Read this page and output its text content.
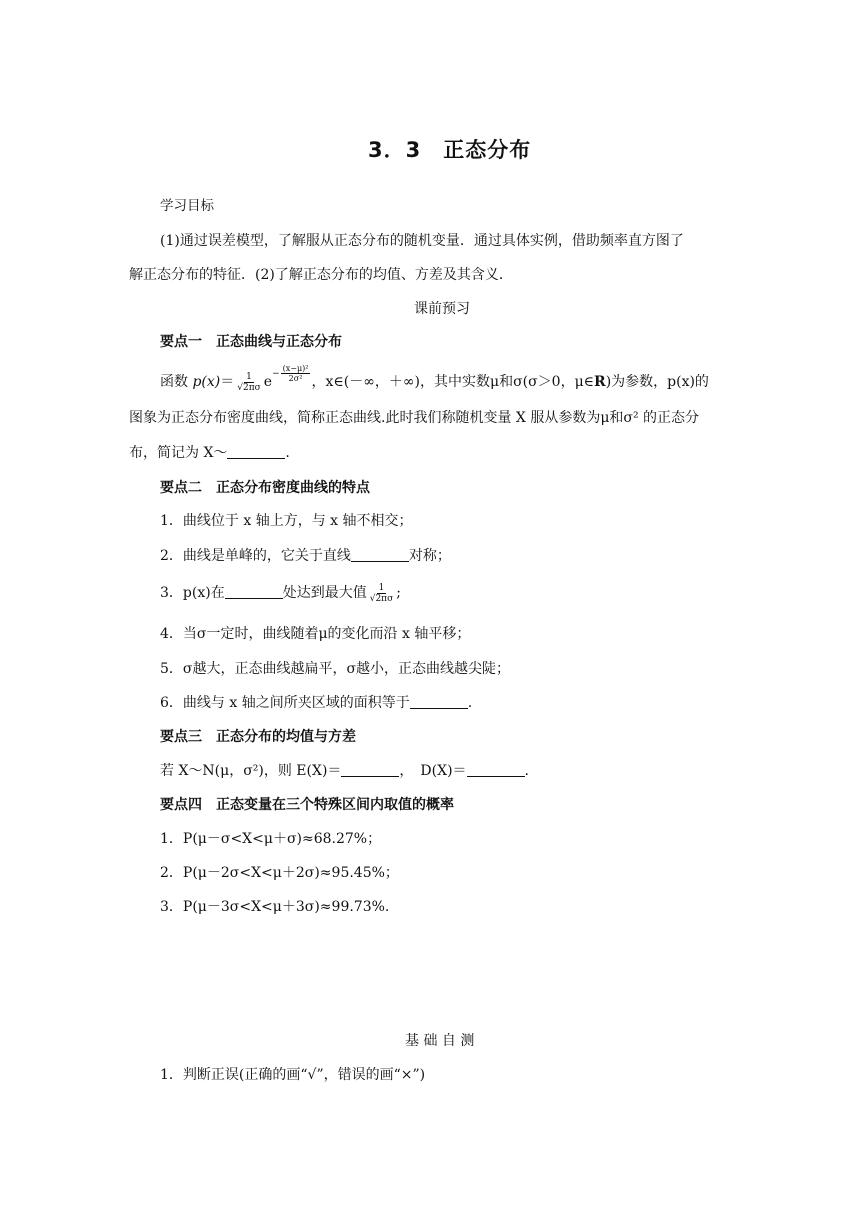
3．3　正态分布
学习目标
(1)通过误差模型，了解服从正态分布的随机变量．通过具体实例，借助频率直方图了
解正态分布的特征．(2)了解正态分布的均值、方差及其含义．
课前预习
要点一　正态曲线与正态分布
函数 $p(x)= \frac{1}{√2\pi\sigma} e- \frac{\text{(x−μ)²}}{\text{2σ²}}$ ，x∈(－∞，＋∞)，其中实数μ和σ(σ＞0，μ∈R)为参数，p(x)的
图象为正态分布密度曲线，简称正态曲线.此时我们称随机变量 X 服从参数为μ和σ² 的正态分
布，简记为 X～	.
要点二　正态分布密度曲线的特点
1．曲线位于 x 轴上方，与 x 轴不相交；
2．曲线是单峰的，它关于直线	对称；
3．p(x)在	处达到最大值 $\frac{1}{√2\pi\sigma}$ ;
4．当σ一定时，曲线随着μ的变化而沿 x 轴平移；
5．σ越大，正态曲线越扁平，σ越小，正态曲线越尖陡；
6．曲线与 x 轴之间所夹区域的面积等于	.
要点三　正态分布的均值与方差
若 X～N(μ，σ²)，则 E(X)＝	，　D(X)＝	.
要点四　正态变量在三个特殊区间内取值的概率
1．P(μ－σ<X<μ＋σ)≈68.27%；
2．P(μ－2σ<X<μ＋2σ)≈95.45%；
3．P(μ－3σ<X<μ＋3σ)≈99.73%.
基 础 自 测
1．判断正误(正确的画“√”，错误的画“×”)
